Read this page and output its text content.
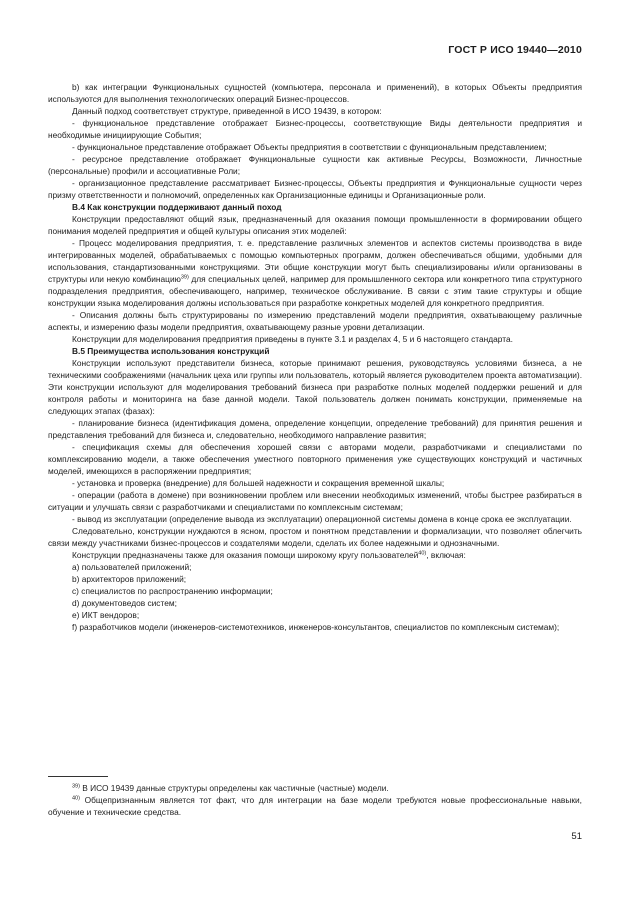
ГОСТ Р ИСО 19440—2010

b) как интеграции Функциональных сущностей (компьютера, персонала и применений), в которых Объекты предприятия используются для выполнения технологических операций Бизнес-процессов.

Данный подход соответствует структуре, приведенной в ИСО 19439, в котором:

- функциональное представление отображает Бизнес-процессы, соответствующие Виды деятельности предприятия и необходимые инициирующие События;

- функциональное представление отображает Объекты предприятия в соответствии с функциональным представлением;

- ресурсное представление отображает Функциональные сущности как активные Ресурсы, Возможности, Личностные (персональные) профили и ассоциативные Роли;

- организационное представление рассматривает Бизнес-процессы, Объекты предприятия и Функциональные сущности через призму ответственности и полномочий, определенных как Организационные единицы и Организационные роли.

В.4 Как конструкции поддерживают данный поход

Конструкции предоставляют общий язык, предназначенный для оказания помощи промышленности в формировании общего понимания моделей предприятия и общей культуры описания этих моделей:

- Процесс моделирования предприятия, т. е. представление различных элементов и аспектов системы производства в виде интегрированных моделей, обрабатываемых с помощью компьютерных программ, должен обеспечиваться общими, удобными для использования, стандартизованными конструкциями. Эти общие конструкции могут быть специализированы и/или организованы в структуры или некую комбинацию$^{39)}$ для специальных целей, например для промышленного сектора или конкретного типа структурного подразделения предприятия, обеспечивающего, например, техническое обслуживание. В связи с этим такие структуры и общие конструкции языка моделирования должны использоваться при разработке конкретных моделей для конкретного предприятия.

- Описания должны быть структурированы по измерению представлений модели предприятия, охватывающему различные аспекты, и измерению фазы модели предприятия, охватывающему разные уровни детализации.

Конструкции для моделирования предприятия приведены в пункте 3.1 и разделах 4, 5 и 6 настоящего стандарта.

В.5 Преимущества использования конструкций

Конструкции используют представители бизнеса, которые принимают решения, руководствуясь условиями бизнеса, а не техническими соображениями (начальник цеха или группы или пользователь, который является руководителем проекта автоматизации). Эти конструкции используют для моделирования требований бизнеса при разработке полных моделей поддержки решений и для контроля работы и мониторинга на базе данной модели. Такой пользователь должен понимать конструкции, применяемые на следующих этапах (фазах):

- планирование бизнеса (идентификация домена, определение концепции, определение требований) для принятия решения и представления требований для бизнеса и, следовательно, необходимого направление развития;

- спецификация схемы для обеспечения хорошей связи с авторами модели, разработчиками и специалистами по комплексированию модели, а также обеспечения уместного повторного применения уже существующих конструкций и частичных моделей, имеющихся в распоряжении предприятия;

- установка и проверка (внедрение) для большей надежности и сокращения временной шкалы;

- операции (работа в домене) при возникновении проблем или внесении необходимых изменений, чтобы быстрее разбираться в ситуации и улучшать связи с разработчиками и специалистами по комплексным системам;

- вывод из эксплуатации (определение вывода из эксплуатации) операционной системы домена в конце срока ее эксплуатации.

Следовательно, конструкции нуждаются в ясном, простом и понятном представлении и формализации, что позволяет облегчить связи между участниками бизнес-процессов и создателями модели, сделать их более надежными и однозначными.

Конструкции предназначены также для оказания помощи широкому кругу пользователей$^{40)}$, включая:

a) пользователей приложений;

b) архитекторов приложений;

c) специалистов по распространению информации;

d) документоведов систем;

e) ИКТ вендоров;

f) разработчиков модели (инженеров-системотехников, инженеров-консультантов, специалистов по комплексным системам);

$^{39)}$ В ИСО 19439 данные структуры определены как частичные (частные) модели.

$^{40)}$ Общепризнанным является тот факт, что для интеграции на базе модели требуются новые профессиональные навыки, обучение и технические средства.

51
